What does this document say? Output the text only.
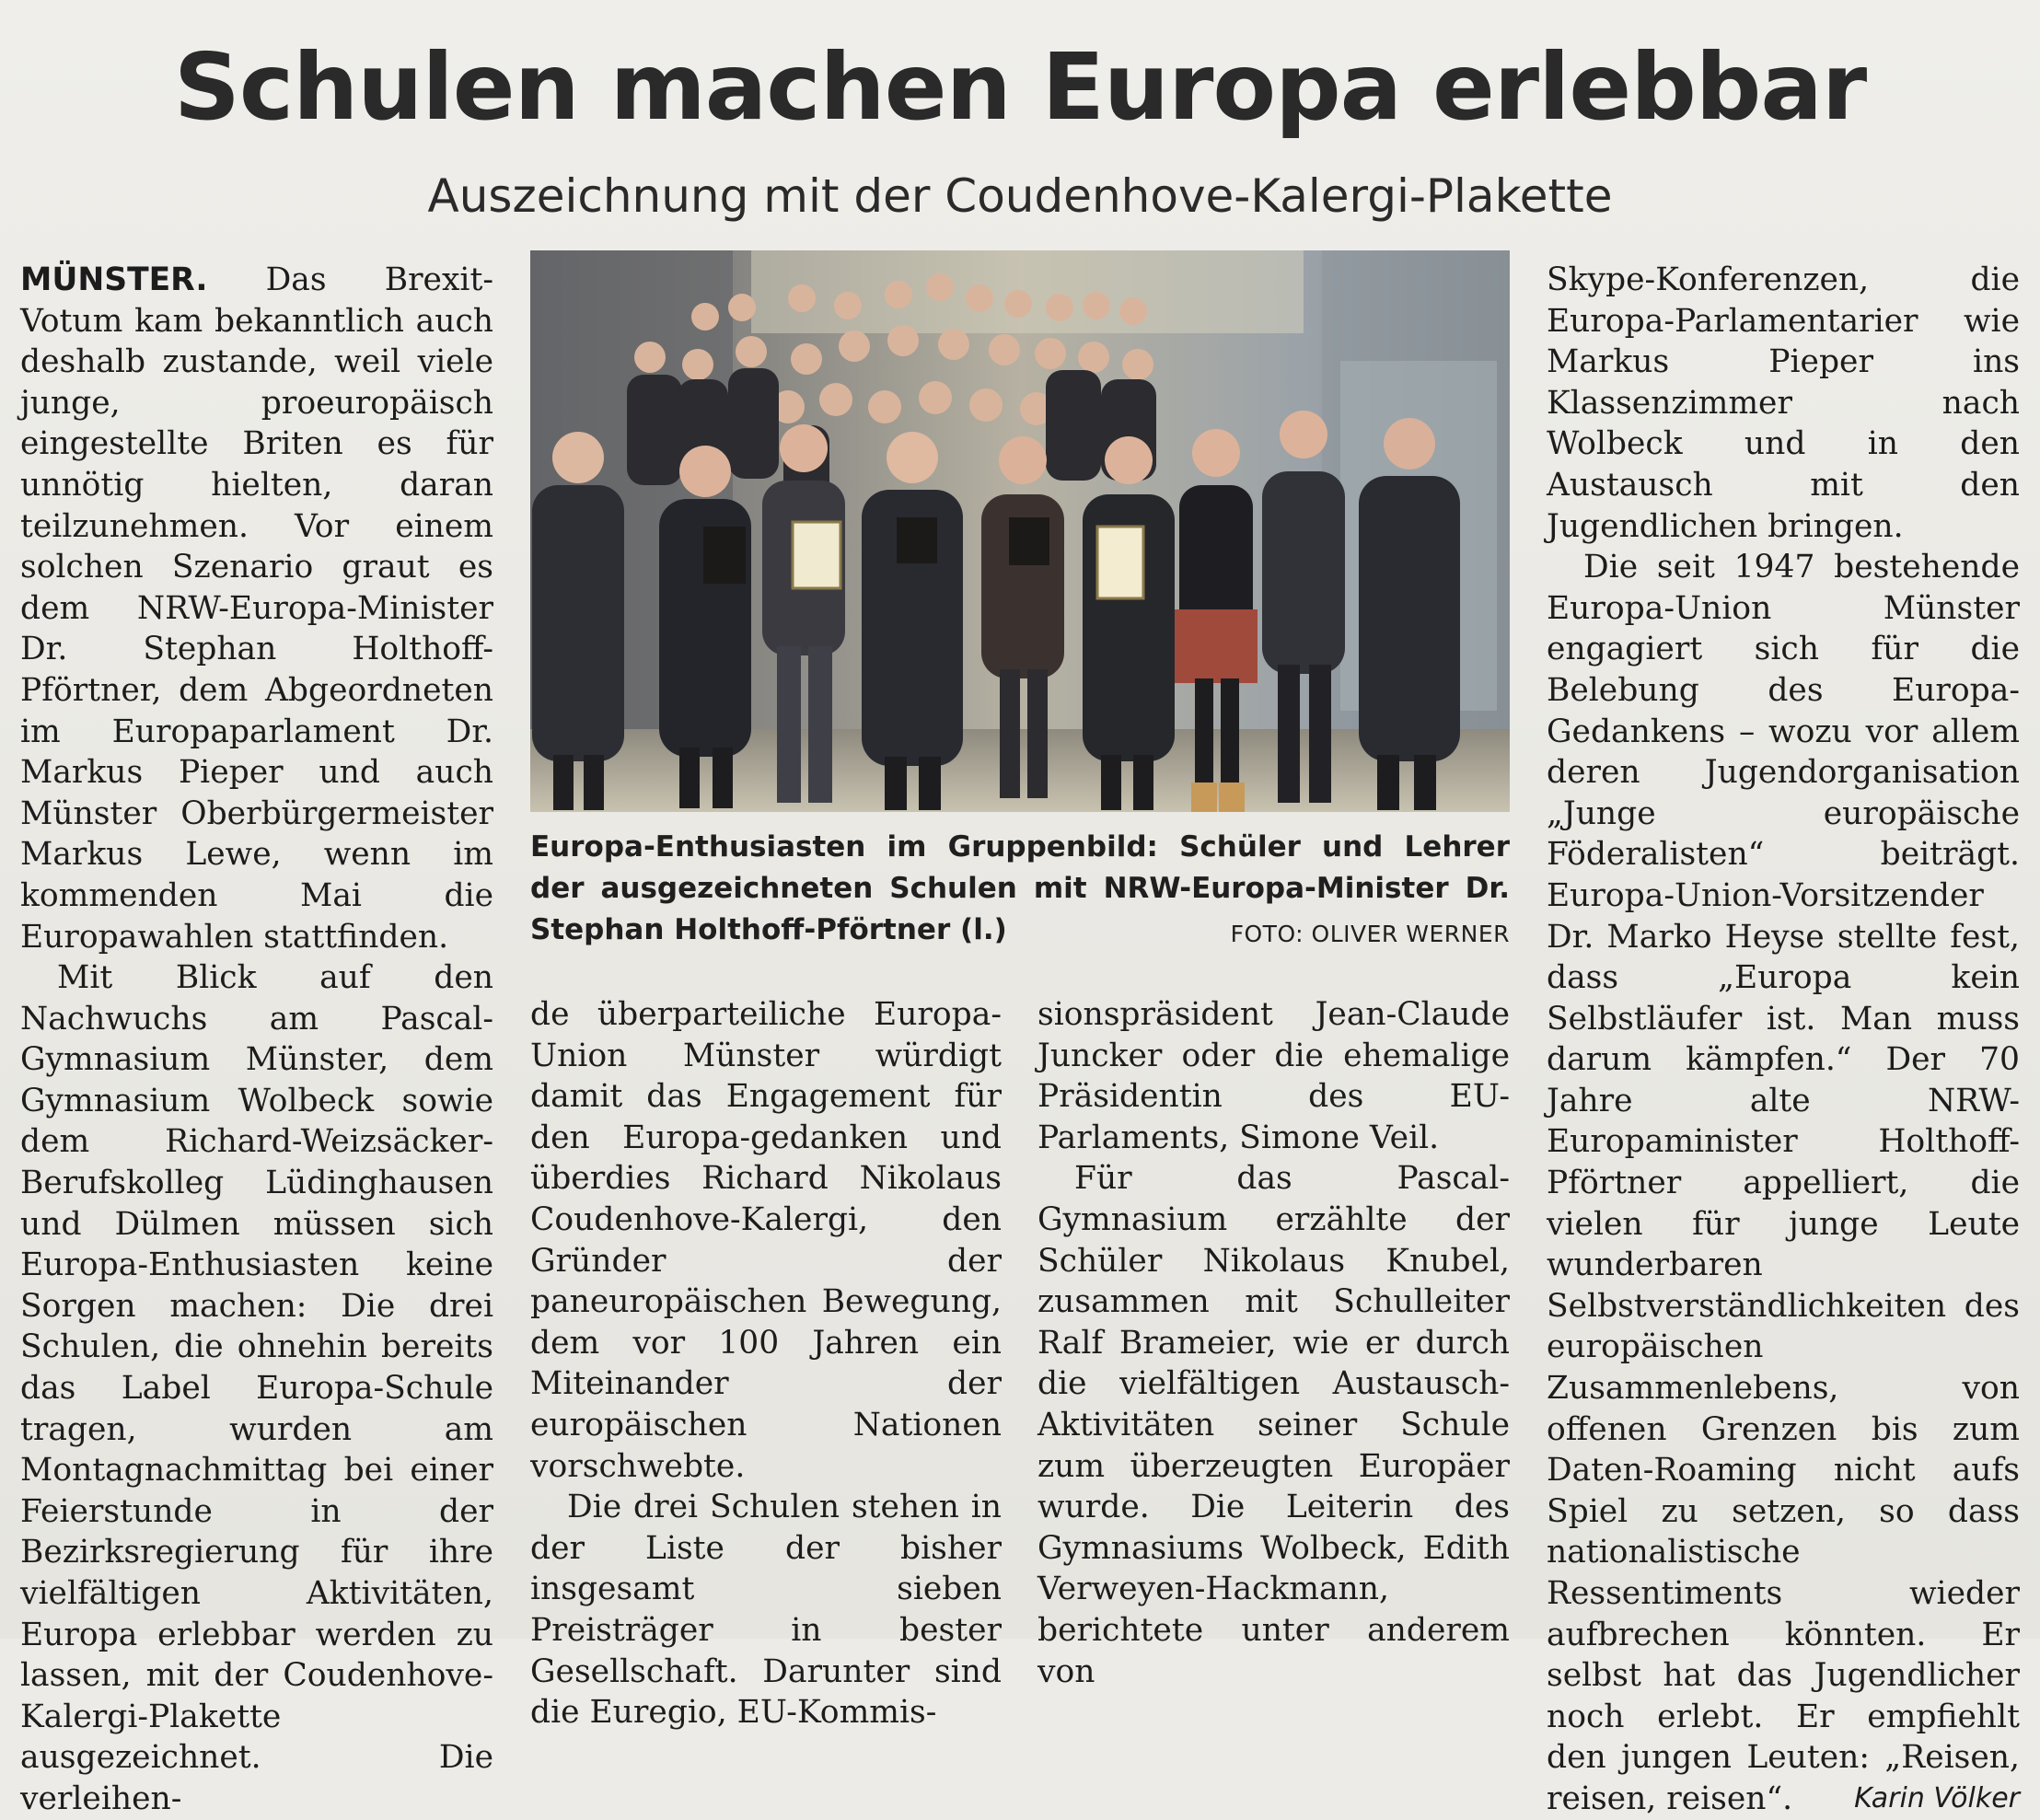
Schulen machen Europa erlebbar
Auszeichnung mit der Coudenhove-Kalergi-Plakette

MÜNSTER. Das Brexit-Votum kam bekanntlich auch deshalb zustande, weil viele junge, proeuropäisch eingestellte Briten es für unnötig hielten, daran teilzunehmen. Vor einem solchen Szenario graut es dem NRW-Europa-Minister Dr. Stephan Holthoff-Pförtner, dem Abgeordneten im Europaparlament Dr. Markus Pieper und auch Münster Oberbürgermeister Markus Lewe, wenn im kommenden Mai die Europawahlen stattfinden.

Mit Blick auf den Nachwuchs am Pascal-Gymnasium Münster, dem Gymnasium Wolbeck sowie dem Richard-Weizsäcker-Berufskolleg Lüdinghausen und Dülmen müssen sich Europa-Enthusiasten keine Sorgen machen: Die drei Schulen, die ohnehin bereits das Label Europa-Schule tragen, wurden am Montagnachmittag bei einer Feierstunde in der Bezirksregierung für ihre vielfältigen Aktivitäten, Europa erlebbar werden zu lassen, mit der Coudenhove-Kalergi-Plakette ausgezeichnet. Die verleihen-

Europa-Enthusiasten im Gruppenbild: Schüler und Lehrer der ausgezeichneten Schulen mit NRW-Europa-Minister Dr. Stephan Holthoff-Pförtner (l.)	FOTO: OLIVER WERNER

de überparteiliche Europa-Union Münster würdigt damit das Engagement für den Europa-gedanken und überdies Richard Nikolaus Coudenhove-Kalergi, den Gründer der paneuropäischen Bewegung, dem vor 100 Jahren ein Miteinander der europäischen Nationen vorschwebte.

Die drei Schulen stehen in der Liste der bisher insgesamt sieben Preisträger in bester Gesellschaft. Darunter sind die Euregio, EU-Kommis-

sionspräsident Jean-Claude Juncker oder die ehemalige Präsidentin des EU-Parlaments, Simone Veil.

Für das Pascal-Gymnasium erzählte der Schüler Nikolaus Knubel, zusammen mit Schulleiter Ralf Brameier, wie er durch die vielfältigen Austausch-Aktivitäten seiner Schule zum überzeugten Europäer wurde. Die Leiterin des Gymnasiums Wolbeck, Edith Verweyen-Hackmann, berichtete unter anderem von

Skype-Konferenzen, die Europa-Parlamentarier wie Markus Pieper ins Klassenzimmer nach Wolbeck und in den Austausch mit den Jugendlichen bringen.

Die seit 1947 bestehende Europa-Union Münster engagiert sich für die Belebung des Europa-Gedankens – wozu vor allem deren Jugendorganisation „Junge europäische Föderalisten“ beiträgt. Europa-Union-Vorsitzender Dr. Marko Heyse stellte fest, dass „Europa kein Selbstläufer ist. Man muss darum kämpfen.“ Der 70 Jahre alte NRW-Europaminister Holthoff-Pförtner appelliert, die vielen für junge Leute wunderbaren Selbstverständlichkeiten des europäischen Zusammenlebens, von offenen Grenzen bis zum Daten-Roaming nicht aufs Spiel zu setzen, so dass nationalistische Ressentiments wieder aufbrechen könnten. Er selbst hat das Jugendlicher noch erlebt. Er empfiehlt den jungen Leuten: „Reisen, reisen, reisen“.	Karin Völker
